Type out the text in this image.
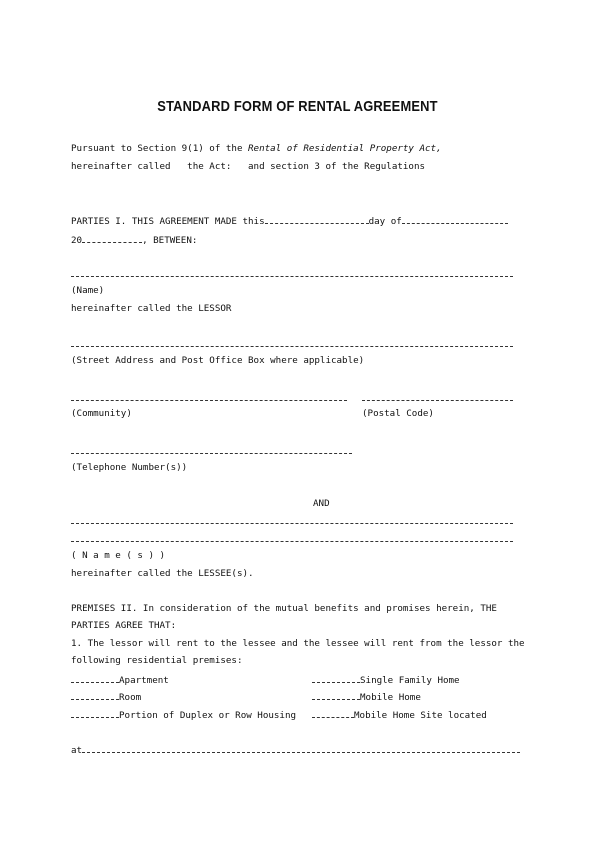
STANDARD FORM OF RENTAL AGREEMENT
Pursuant to Section 9(1) of the Rental of Residential Property Act,
hereinafter called   the Act:   and section 3 of the Regulations
PARTIES I. THIS AGREEMENT MADE this	day of
20	, BETWEEN:
(Name)
hereinafter called the LESSOR
(Street Address and Post Office Box where applicable)
(Community)	(Postal Code)
(Telephone Number(s))
AND
( N a m e ( s ) )
hereinafter called the LESSEE(s).
PREMISES II. In consideration of the mutual benefits and promises herein, THE
PARTIES AGREE THAT:
1. The lessor will rent to the lessee and the lessee will rent from the lessor the
following residential premises:
Apartment	Single Family Home
Room	Mobile Home
Portion of Duplex or Row Housing	Mobile Home Site located
at
